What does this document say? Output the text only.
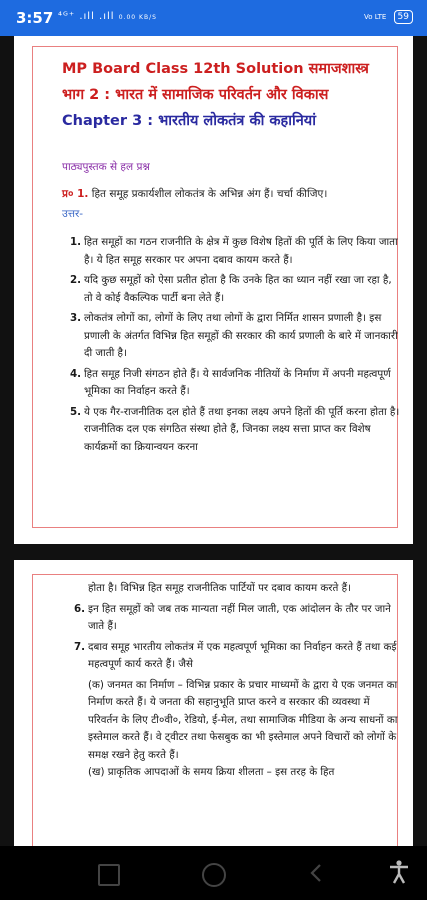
3:57 ⁴ᴳ⁺ .ıll .ıll 0.00 KB/S	Vo LTE 59
MP Board Class 12th Solution समाजशास्त्र
भाग 2 : भारत में सामाजिक परिवर्तन और विकास
Chapter 3 : भारतीय लोकतंत्र की कहानियां
पाठ्यपुस्तक से हल प्रश्न
प्र० 1. हित समूह प्रकार्यशील लोकतंत्र के अभिन्न अंग हैं। चर्चा कीजिए।
उत्तर-
1. हित समूहों का गठन राजनीति के क्षेत्र में कुछ विशेष हितों की पूर्ति के लिए किया जाता है। ये हित समूह सरकार पर अपना दबाव कायम करते हैं।
2. यदि कुछ समूहों को ऐसा प्रतीत होता है कि उनके हित का ध्यान नहीं रखा जा रहा है, तो वे कोई वैकल्पिक पार्टी बना लेते हैं।
3. लोकतंत्र लोगों का, लोगों के लिए तथा लोगों के द्वारा निर्मित शासन प्रणाली है। इस प्रणाली के अंतर्गत विभिन्न हित समूहों की सरकार की कार्य प्रणाली के बारे में जानकारी दी जाती है।
4. हित समूह निजी संगठन होते हैं। ये सार्वजनिक नीतियों के निर्माण में अपनी महत्वपूर्ण भूमिका का निर्वाहन करते हैं।
5. ये एक गैर-राजनीतिक दल होते हैं तथा इनका लक्ष्य अपने हितों की पूर्ति करना होता है। राजनीतिक दल एक संगठित संस्था होते हैं, जिनका लक्ष्य सत्ता प्राप्त कर विशेष कार्यक्रमों का क्रियान्वयन करना
होता है। विभिन्न हित समूह राजनीतिक पार्टियों पर दबाव कायम करते हैं।
6. इन हित समूहों को जब तक मान्यता नहीं मिल जाती, एक आंदोलन के तौर पर जाने जाते हैं।
7. दबाव समूह भारतीय लोकतंत्र में एक महत्वपूर्ण भूमिका का निर्वाहन करते हैं तथा कई महत्वपूर्ण कार्य करते हैं। जैसे
(क) जनमत का निर्माण – विभिन्न प्रकार के प्रचार माध्यमों के द्वारा ये एक जनमत का निर्माण करते हैं। ये जनता की सहानुभूति प्राप्त करने व सरकार की व्यवस्था में परिवर्तन के लिए टी०वी०, रेडियो, ई-मेल, तथा सामाजिक मीडिया के अन्य साधनों का इस्तेमाल करते हैं। वे ट्वीटर तथा फेसबुक का भी इस्तेमाल अपने विचारों को लोगों के समक्ष रखने हेतु करते हैं।
(ख) प्राकृतिक आपदाओं के समय क्रिया शीलता – इस तरह के हित
